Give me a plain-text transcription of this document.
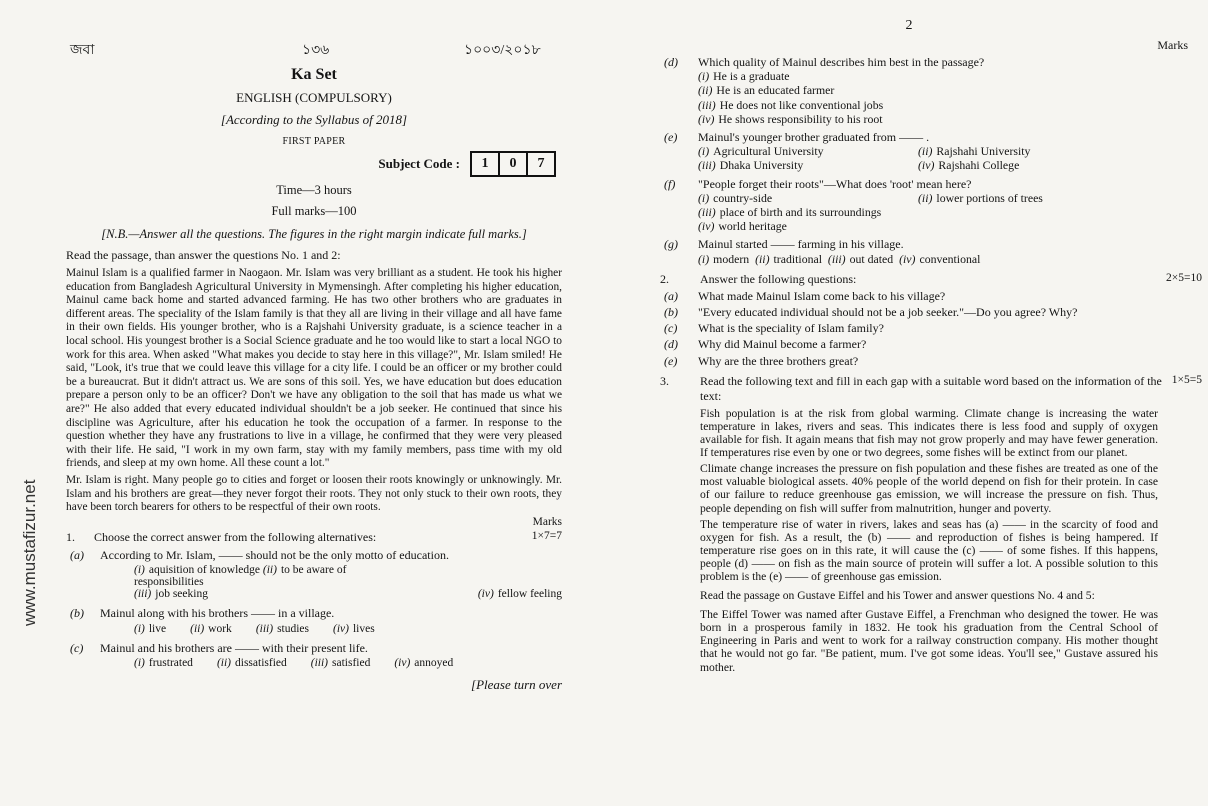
জবা	১৩৬	১০০৩/২০১৮
Ka Set
ENGLISH (COMPULSORY)
[According to the Syllabus of 2018]
FIRST PAPER
Subject Code :	1	0	7
Time—3 hours
Full marks—100
[N.B.—Answer all the questions. The figures in the right margin indicate full marks.]
Read the passage, than answer the questions No. 1 and 2:

Mainul Islam is a qualified farmer in Naogaon. Mr. Islam was very brilliant as a student. He took his higher education from Bangladesh Agricultural University in Mymensingh. After completing his higher education, Mainul came back home and started advanced farming. He has two other brothers who are graduates in different areas. The speciality of the Islam family is that they all are living in their village and all have fame in their own fields. His younger brother, who is a Rajshahi University graduate, is a science teacher in a local school. His youngest brother is a Social Science graduate and he too would like to start a local NGO to work for this area. When asked "What makes you decide to stay here in this village?", Mr. Islam smiled! He said, "Look, it's true that we could leave this village for a city life. I could be an officer or my brother could be a bureaucrat. But it didn't attract us. We are sons of this soil. Yes, we have education but does education prepare a person only to be an officer? Don't we have any obligation to the soil that has made us what we are?" He also added that every educated individual shouldn't be a job seeker. He continued that since his discipline was Agriculture, after his education he took the occupation of a farmer. In response to the question whether they have any frustrations to live in a village, he confirmed that they were very pleased with their life. He said, "I work in my own farm, stay with my family members, pass time with my old friends, and sleep at my own home. All these count a lot."

Mr. Islam is right. Many people go to cities and forget or loosen their roots knowingly or unknowingly. Mr. Islam and his brothers are great—they never forgot their roots. They not only stuck to their own roots, they have been torch bearers for others to be respectful of their own roots.

Marks
1.	Choose the correct answer from the following alternatives:	1×7=7
(a)	According to Mr. Islam, —— should not be the only motto of education.
(i) aquisition of knowledge (ii) to be aware of responsibilities
(iii) job seeking	(iv) fellow feeling
(b)	Mainul along with his brothers —— in a village.
(i) live (ii) work (iii) studies (iv) lives
(c)	Mainul and his brothers are —— with their present life.
(i) frustrated (ii) dissatisfied (iii) satisfied (iv) annoyed
[Please turn over
www.mustafizur.net
2
Marks
(d)	Which quality of Mainul describes him best in the passage?
(i) He is a graduate
(ii) He is an educated farmer
(iii) He does not like conventional jobs
(iv) He shows responsibility to his root
(e)	Mainul's younger brother graduated from —— .
(i) Agricultural University	(ii) Rajshahi University
(iii) Dhaka University	(iv) Rajshahi College
(f)	"People forget their roots"—What does 'root' mean here?
(i) country-side	(ii) lower portions of trees
(iii) place of birth and its surroundings (iv) world heritage
(g)	Mainul started —— farming in his village.
(i) modern (ii) traditional (iii) out dated (iv) conventional
2.	Answer the following questions:	2×5=10
(a)	What made Mainul Islam come back to his village?
(b)	"Every educated individual should not be a job seeker."—Do you agree? Why?
(c)	What is the speciality of Islam family?
(d)	Why did Mainul become a farmer?
(e)	Why are the three brothers great?
3.	Read the following text and fill in each gap with a suitable word based on the information of the text:
1×5=5

Fish population is at the risk from global warming. Climate change is increasing the water temperature in lakes, rivers and seas. This indicates there is less food and supply of oxygen available for fish. It again means that fish may not grow properly and may have fewer generation. If temperatures rise even by one or two degrees, some fishes will be extinct from our planet.

Climate change increases the pressure on fish population and these fishes are treated as one of the most valuable biological assets. 40% people of the world depend on fish for their protein. In case of our failure to reduce greenhouse gas emission, we will increase the pressure on fish. Thus, people depending on fish will suffer from malnutrition, hunger and poverty.

The temperature rise of water in rivers, lakes and seas has (a) —— in the scarcity of food and oxygen for fish. As a result, the (b) —— and reproduction of fishes is being hampered. If temperature rise goes on in this rate, it will cause the (c) —— of some fishes. If this happens, people (d) —— on fish as the main source of protein will suffer a lot. A possible solution to this problem is the (e) —— of greenhouse gas emission.

Read the passage on Gustave Eiffel and his Tower and answer questions No. 4 and 5:

The Eiffel Tower was named after Gustave Eiffel, a Frenchman who designed the tower. He was born in a prosperous family in 1832. He took his graduation from the Central School of Engineering in Paris and went to work for a railway construction company. His mother thought that he would not go far. "Be patient, mum. I've got some ideas. You'll see," Gustave assured his mother.
